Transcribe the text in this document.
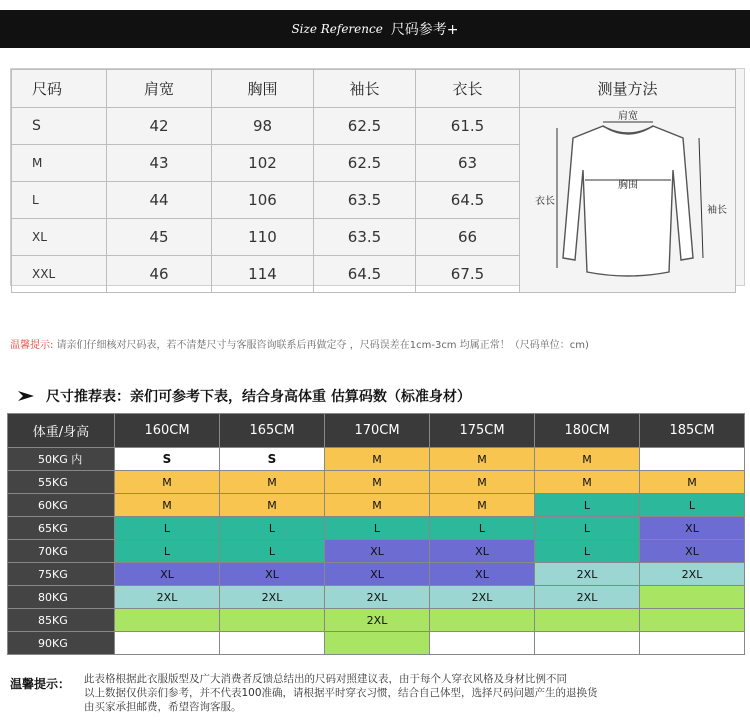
Size Reference 尺码参考+
尺码	肩宽	胸围	袖长	衣长	测量方法
S	42	98	62.5	61.5	肩宽
胸围
衣长
袖长

M	43	102	62.5	63	
L	44	106	63.5	64.5	
XL	45	110	63.5	66	
XXL	46	114	64.5	67.5	
温馨提示: 请亲们仔细核对尺码表，若不清楚尺寸与客服咨询联系后再做定夺 ，尺码误差在1cm-3cm 均属正常！（尺码单位：cm)
尺寸推荐表：亲们可参考下表，结合身高体重 估算码数（标准身材）
体重/身高	160CM	165CM	170CM	175CM	180CM	185CM
50KG 内	S	S	M	M	M	
55KG	M	M	M	M	M	M
60KG	M	M	M	M	L	L
65KG	L	L	L	L	L	XL
70KG	L	L	XL	XL	L	XL
75KG	XL	XL	XL	XL	2XL	2XL
80KG	2XL	2XL	2XL	2XL	2XL	
85KG			2XL			
90KG						
温馨提示：	此表格根据此衣服版型及广大消费者反馈总结出的尺码对照建议表，由于每个人穿衣风格及身材比例不同
以上数据仅供亲们参考，并不代表100准确，请根据平时穿衣习惯，结合自己体型，选择尺码问题产生的退换货
由买家承担邮费，希望咨询客服。
